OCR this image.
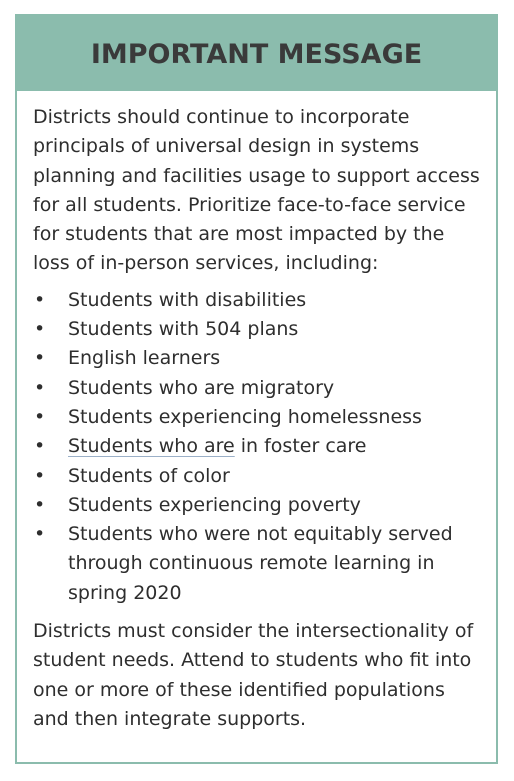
IMPORTANT MESSAGE

Districts should continue to incorporate principals of universal design in systems planning and facilities usage to support access for all students. Prioritize face-to-face service for students that are most impacted by the loss of in-person services, including:

•	Students with disabilities
•	Students with 504 plans
•	English learners
•	Students who are migratory
•	Students experiencing homelessness
•	Students who are in foster care
•	Students of color
•	Students experiencing poverty
•	Students who were not equitably served through continuous remote learning in spring 2020

Districts must consider the intersectionality of student needs. Attend to students who fit into one or more of these identified populations and then integrate supports.
